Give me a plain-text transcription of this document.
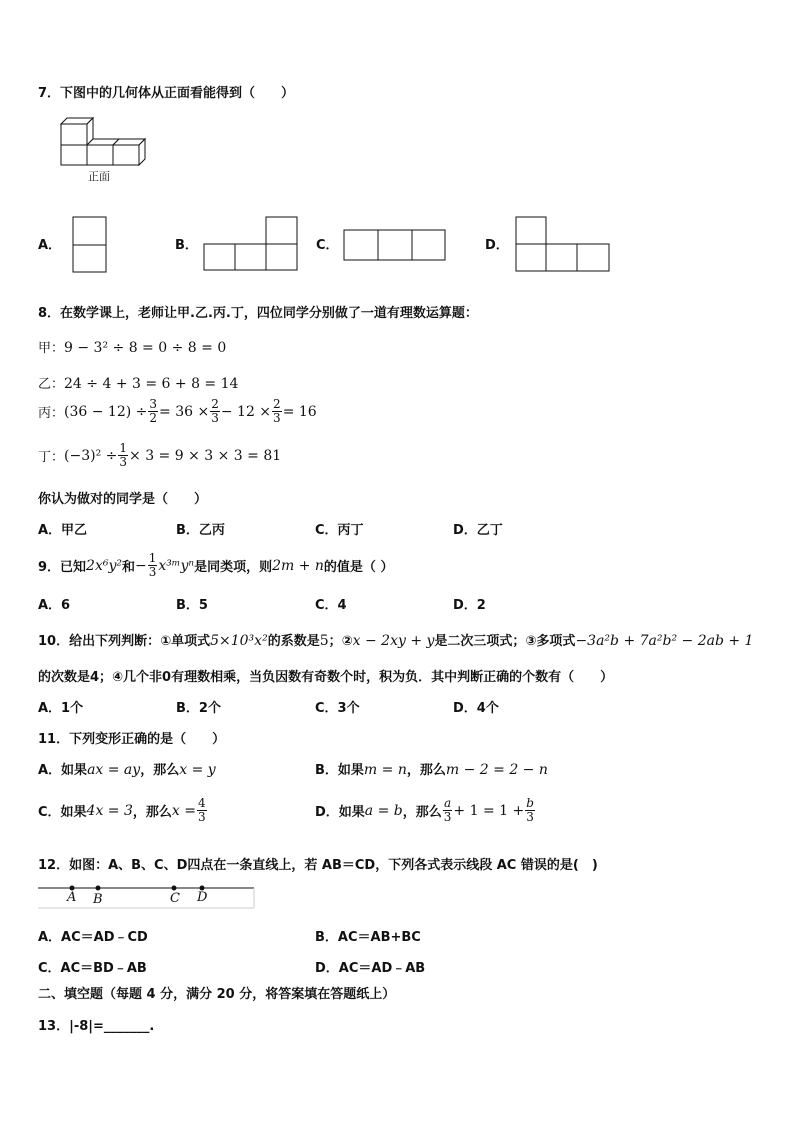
7．下图中的几何体从正面看能得到（　　）
正面
A．	B．	C．	D．
8．在数学课上，老师让甲.乙.丙.丁，四位同学分别做了一道有理数运算题：
甲：9 − 3² ÷ 8 = 0 ÷ 8 = 0
乙：24 ÷ 4 + 3 = 6 + 8 = 14
丙： $(36 - 12) \div \frac{3}{2} = 36 \times \frac{2}{3} - 12 \times \frac{2}{3} = 16$
丁： $(-3)^2 \div \frac{1}{3} \times 3 = 9 \times 3 \times 3 = 81$
你认为做对的同学是（　　）
A．甲乙	B．乙丙	C．丙丁	D．乙丁
9．已知 2x⁶y² 和 − $\frac{1}{3}$ x³ᵐyⁿ 是同类项，则 2m + n 的值是（ ）
A．6	B．5	C．4	D．2
10．给出下列判断：①单项式5×10³x²的系数是5；②x − 2xy + y是二次三项式；③多项式−3a²b + 7a²b² − 2ab + 1
的次数是4；④几个非0有理数相乘，当负因数有奇数个时，积为负．其中判断正确的个数有（　　）
A．1个	B．2个	C．3个	D．4个
11．下列变形正确的是（　　）
A．如果ax = ay，那么x = y	B．如果m = n，那么m − 2 = 2 − n
C．如果 4x = 3 ，那么 $x = \frac{4}{3}$	D．如果 a = b ，那么 $\frac{a}{3} + 1 = 1 + \frac{b}{3}$
12．如图：A、B、C、D四点在一条直线上，若 AB＝CD，下列各式表示线段 AC 错误的是(　)
A B	C D
A．AC＝AD﹣CD	B．AC＝AB+BC
C．AC＝BD﹣AB	D．AC＝AD﹣AB
二、填空题（每题 4 分，满分 20 分，将答案填在答题纸上）
13．|-8|=_______.
